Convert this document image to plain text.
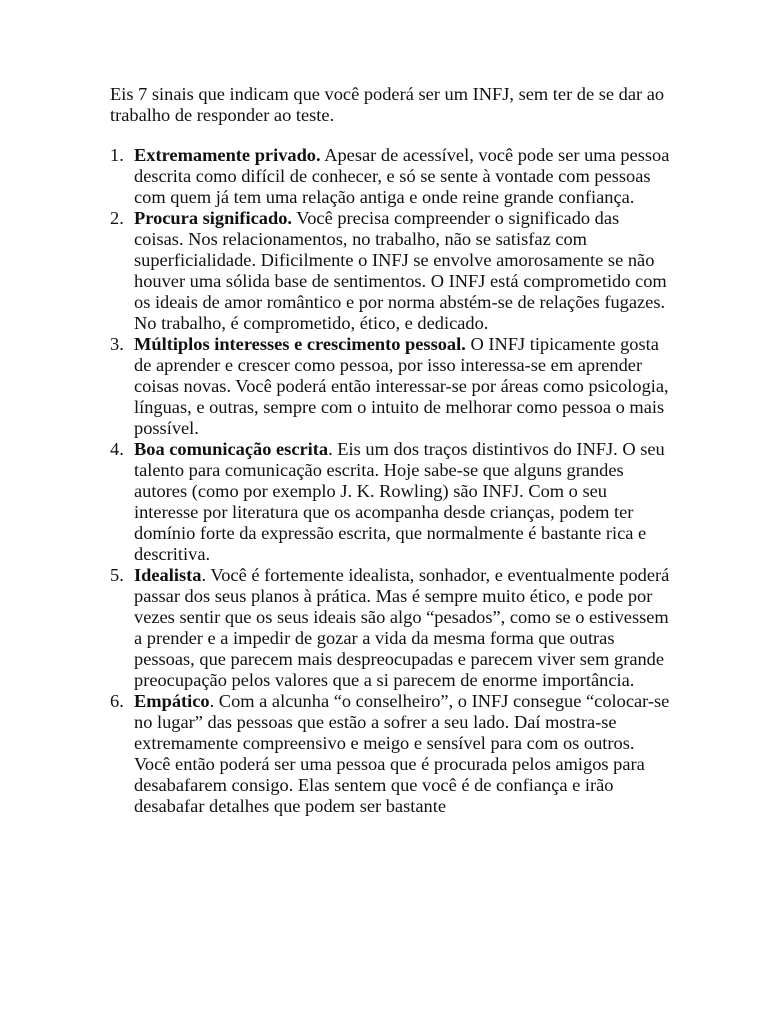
Eis 7 sinais que indicam que você poderá ser um INFJ, sem ter de se dar ao trabalho de responder ao teste.

1. Extremamente privado. Apesar de acessível, você pode ser uma pessoa descrita como difícil de conhecer, e só se sente à vontade com pessoas com quem já tem uma relação antiga e onde reine grande confiança.
2. Procura significado. Você precisa compreender o significado das coisas. Nos relacionamentos, no trabalho, não se satisfaz com superficialidade. Dificilmente o INFJ se envolve amorosamente se não houver uma sólida base de sentimentos. O INFJ está comprometido com os ideais de amor romântico e por norma abstém-se de relações fugazes. No trabalho, é comprometido, ético, e dedicado.
3. Múltiplos interesses e crescimento pessoal. O INFJ tipicamente gosta de aprender e crescer como pessoa, por isso interessa-se em aprender coisas novas. Você poderá então interessar-se por áreas como psicologia, línguas, e outras, sempre com o intuito de melhorar como pessoa o mais possível.
4. Boa comunicação escrita. Eis um dos traços distintivos do INFJ. O seu talento para comunicação escrita. Hoje sabe-se que alguns grandes autores (como por exemplo J. K. Rowling) são INFJ. Com o seu interesse por literatura que os acompanha desde crianças, podem ter domínio forte da expressão escrita, que normalmente é bastante rica e descritiva.
5. Idealista. Você é fortemente idealista, sonhador, e eventualmente poderá passar dos seus planos à prática. Mas é sempre muito ético, e pode por vezes sentir que os seus ideais são algo “pesados”, como se o estivessem a prender e a impedir de gozar a vida da mesma forma que outras pessoas, que parecem mais despreocupadas e parecem viver sem grande preocupação pelos valores que a si parecem de enorme importância.
6. Empático. Com a alcunha “o conselheiro”, o INFJ consegue “colocar-se no lugar” das pessoas que estão a sofrer a seu lado. Daí mostra-se extremamente compreensivo e meigo e sensível para com os outros. Você então poderá ser uma pessoa que é procurada pelos amigos para desabafarem consigo. Elas sentem que você é de confiança e irão desabafar detalhes que podem ser bastante
